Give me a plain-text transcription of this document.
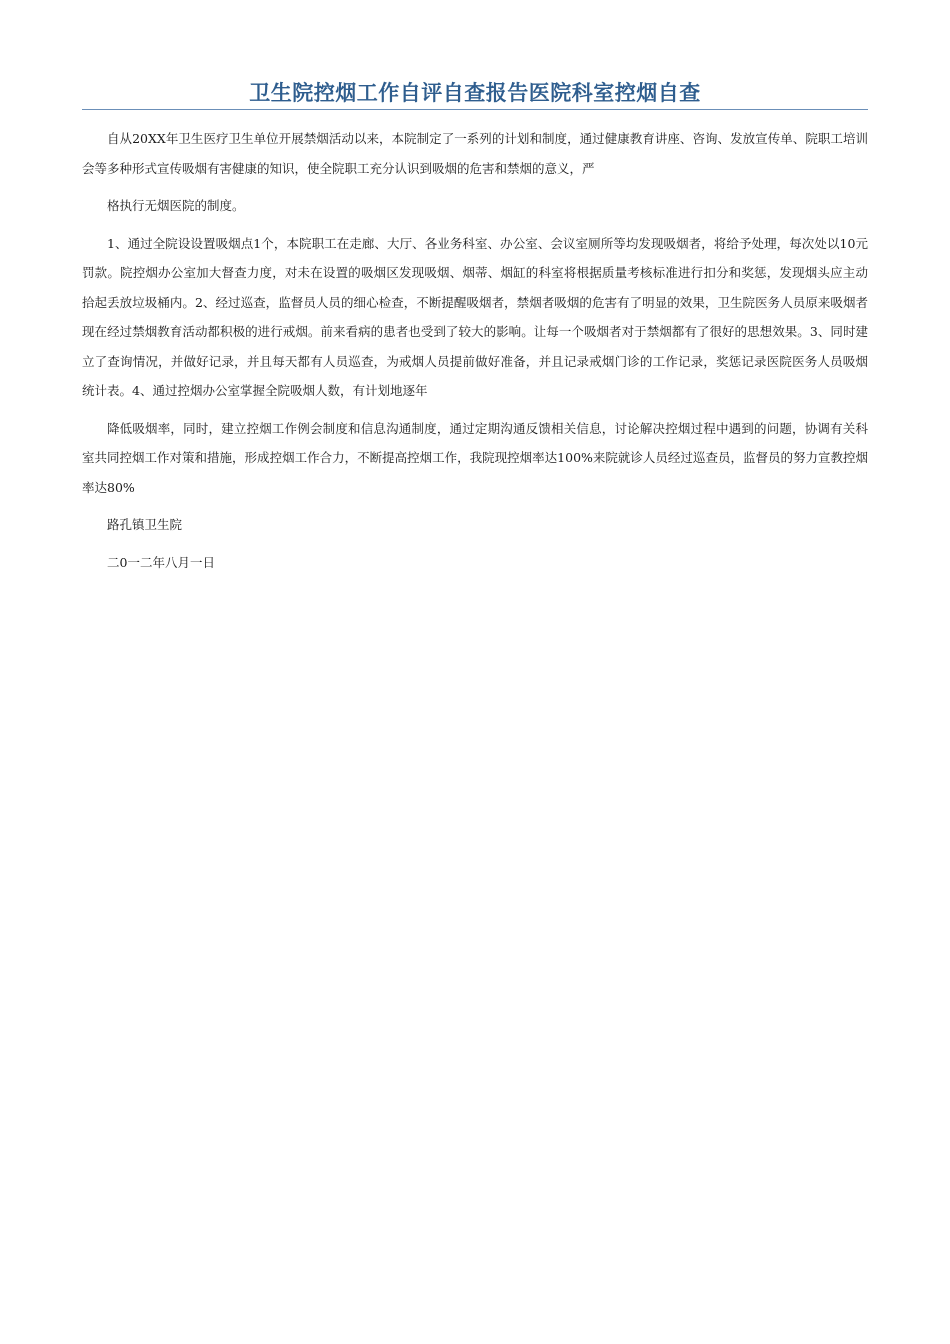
卫生院控烟工作自评自查报告医院科室控烟自查

自从20XX年卫生医疗卫生单位开展禁烟活动以来，本院制定了一系列的计划和制度，通过健康教育讲座、咨询、发放宣传单、院职工培训会等多种形式宣传吸烟有害健康的知识，使全院职工充分认识到吸烟的危害和禁烟的意义，严

格执行无烟医院的制度。

1、通过全院设设置吸烟点1个，本院职工在走廊、大厅、各业务科室、办公室、会议室厕所等均发现吸烟者，将给予处理，每次处以10元罚款。院控烟办公室加大督查力度，对未在设置的吸烟区发现吸烟、烟蒂、烟缸的科室将根据质量考核标准进行扣分和奖惩，发现烟头应主动拾起丢放垃圾桶内。2、经过巡查，监督员人员的细心检查，不断提醒吸烟者，禁烟者吸烟的危害有了明显的效果，卫生院医务人员原来吸烟者现在经过禁烟教育活动都积极的进行戒烟。前来看病的患者也受到了较大的影响。让每一个吸烟者对于禁烟都有了很好的思想效果。3、同时建立了查询情况，并做好记录，并且每天都有人员巡查，为戒烟人员提前做好准备，并且记录戒烟门诊的工作记录，奖惩记录医院医务人员吸烟统计表。4、通过控烟办公室掌握全院吸烟人数，有计划地逐年

降低吸烟率，同时，建立控烟工作例会制度和信息沟通制度，通过定期沟通反馈相关信息，讨论解决控烟过程中遇到的问题，协调有关科室共同控烟工作对策和措施，形成控烟工作合力，不断提高控烟工作，我院现控烟率达100%来院就诊人员经过巡查员，监督员的努力宣教控烟率达80%

路孔镇卫生院

二0一二年八月一日
